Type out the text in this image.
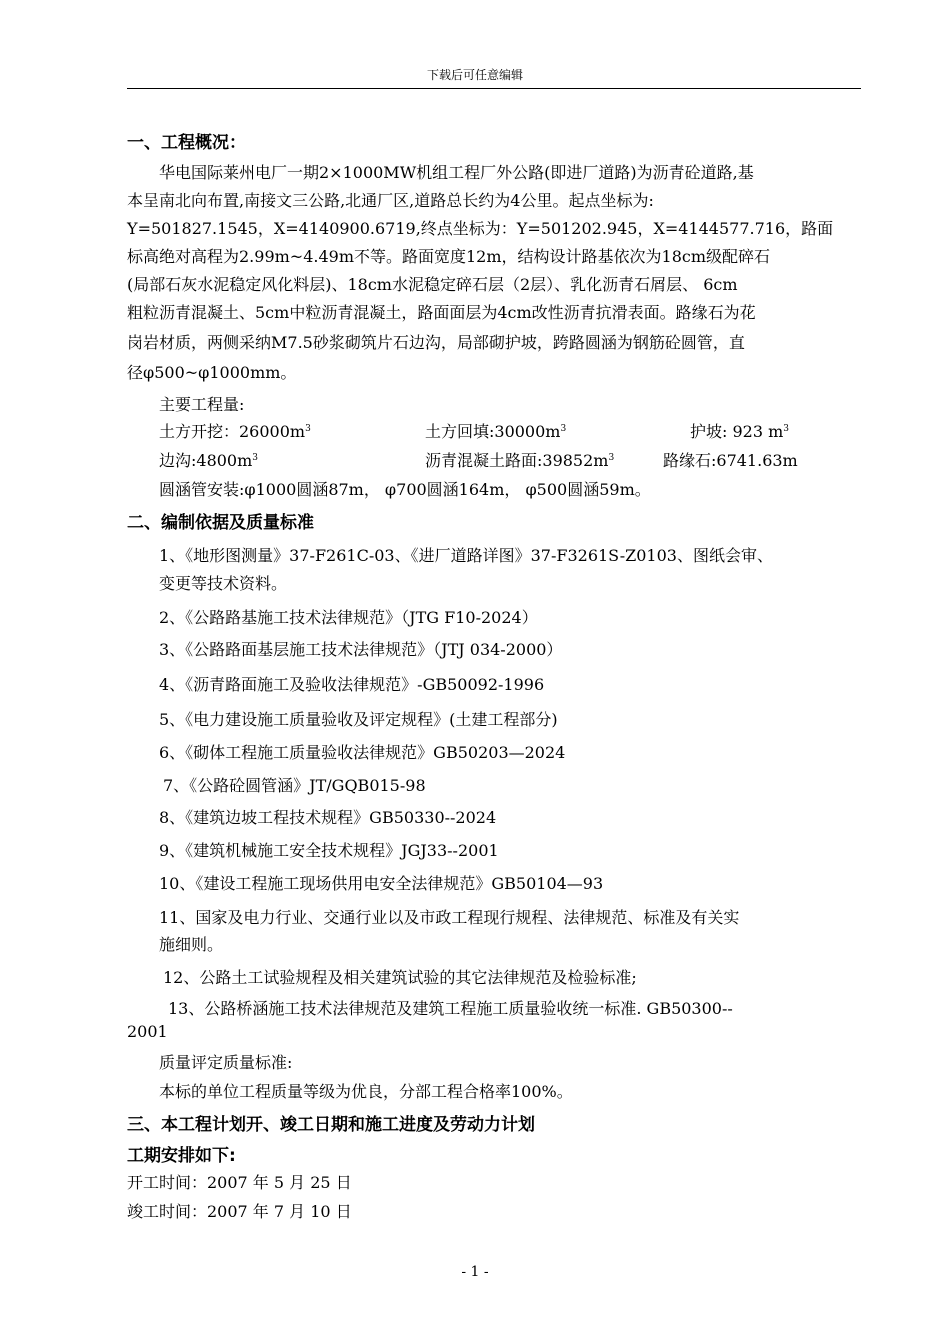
下载后可任意编辑
一、工程概况：
华电国际莱州电厂一期2×1000MW机组工程厂外公路(即进厂道路)为沥青砼道路,基
本呈南北向布置,南接文三公路,北通厂区,道路总长约为4公里。起点坐标为:
Y=501827.1545，X=4140900.6719,终点坐标为：Y=501202.945，X=4144577.716，路面
标高绝对高程为2.99m~4.49m不等。路面宽度12m，结构设计路基依次为18cm级配碎石
(局部石灰水泥稳定风化料层)、18cm水泥稳定碎石层（2层）、乳化沥青石屑层、 6cm
粗粒沥青混凝土、5cm中粒沥青混凝土，路面面层为4cm改性沥青抗滑表面。路缘石为花
岗岩材质，两侧采纳M7.5砂浆砌筑片石边沟，局部砌护坡，跨路圆涵为钢筋砼圆管，直
径φ500~φ1000mm。
主要工程量:
土方开挖：$26000m^3$	土方回填$:30000m^3$	护坡: 923 $m^3$
边沟$:4800m^3$	沥青混凝土路面$:39852m^3$	路缘石:6741.63m
圆涵管安装:φ1000圆涵87m， φ700圆涵164m， φ500圆涵59m。
二、编制依据及质量标准
1、《地形图测量》37-F261C-03、《进厂道路详图》37-F3261S-Z0103、图纸会审、
变更等技术资料。
2、《公路路基施工技术法律规范》（JTG F10-2024）
3、《公路路面基层施工技术法律规范》（JTJ 034-2000）
4、《沥青路面施工及验收法律规范》-GB50092-1996
5、《电力建设施工质量验收及评定规程》(土建工程部分)
6、《砌体工程施工质量验收法律规范》GB50203—2024
7、《公路砼圆管涵》JT/GQB015-98
8、《建筑边坡工程技术规程》GB50330--2024
9、《建筑机械施工安全技术规程》JGJ33--2001
10、《建设工程施工现场供用电安全法律规范》GB50104—93
11、国家及电力行业、交通行业以及市政工程现行规程、法律规范、标准及有关实
施细则。
12、公路土工试验规程及相关建筑试验的其它法律规范及检验标准;
13、公路桥涵施工技术法律规范及建筑工程施工质量验收统一标准. GB50300--
2001
质量评定质量标准:
本标的单位工程质量等级为优良，分部工程合格率100%。
三、本工程计划开、竣工日期和施工进度及劳动力计划
工期安排如下:
开工时间：2007 年 5 月 25 日
竣工时间：2007 年 7 月 10 日
- 1 -
